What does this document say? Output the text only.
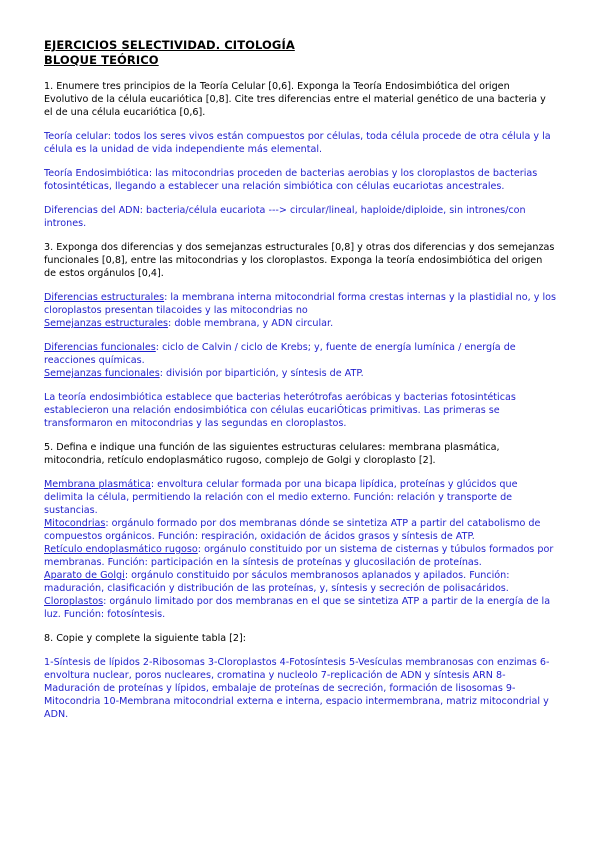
EJERCICIOS SELECTIVIDAD. CITOLOGÍA

BLOQUE TEÓRICO

1. Enumere tres principios de la Teoría Celular [0,6]. Exponga la Teoría Endosimbiótica del origen Evolutivo de la célula eucariótica [0,8]. Cite tres diferencias entre el material genético de una bacteria y el de una célula eucariótica [0,6].

Teoría celular: todos los seres vivos están compuestos por células, toda célula procede de otra célula y la célula es la unidad de vida independiente más elemental.

Teoría Endosimbiótica: las mitocondrias proceden de bacterias aerobias y los cloroplastos de bacterias fotosintéticas, llegando a establecer una relación simbiótica con células eucariotas ancestrales.

Diferencias del ADN: bacteria/célula eucariota ---> circular/lineal, haploide/diploide, sin intrones/con intrones.

3. Exponga dos diferencias y dos semejanzas estructurales [0,8] y otras dos diferencias y dos semejanzas funcionales [0,8], entre las mitocondrias y los cloroplastos. Exponga la teoría endosimbiótica del origen de estos orgánulos [0,4].

Diferencias estructurales: la membrana interna mitocondrial forma crestas internas y la plastidial no, y los cloroplastos presentan tilacoides y las mitocondrias no

Semejanzas estructurales: doble membrana, y ADN circular.

Diferencias funcionales: ciclo de Calvin / ciclo de Krebs; y, fuente de energía lumínica / energía de reacciones químicas.

Semejanzas funcionales: división por bipartición, y síntesis de ATP.

La teoría endosimbiótica establece que bacterias heterótrofas aeróbicas y bacterias fotosintéticas establecieron una relación endosimbiótica con células eucariÓticas primitivas. Las primeras se transformaron en mitocondrias y las segundas en cloroplastos.

5. Defina e indique una función de las siguientes estructuras celulares: membrana plasmática, mitocondria, retículo endoplasmático rugoso, complejo de Golgi y cloroplasto [2].

Membrana plasmática: envoltura celular formada por una bicapa lipídica, proteínas y glúcidos que delimita la célula, permitiendo la relación con el medio externo. Función: relación y transporte de sustancias.

Mitocondrias: orgánulo formado por dos membranas dónde se sintetiza ATP a partir del catabolismo de compuestos orgánicos. Función: respiración, oxidación de ácidos grasos y síntesis de ATP.

Retículo endoplasmático rugoso: orgánulo constituido por un sistema de cisternas y túbulos formados por membranas. Función: participación en la síntesis de proteínas y glucosilación de proteínas.

Aparato de Golgi: orgánulo constituido por sáculos membranosos aplanados y apilados. Función: maduración, clasificación y distribución de las proteínas, y, síntesis y secreción de polisacáridos.

Cloroplastos: orgánulo limitado por dos membranas en el que se sintetiza ATP a partir de la energía de la luz. Función: fotosíntesis.

8. Copie y complete la siguiente tabla [2]:

1-Síntesis de lípidos 2-Ribosomas 3-Cloroplastos 4-Fotosíntesis 5-Vesículas membranosas con enzimas 6-envoltura nuclear, poros nucleares, cromatina y nucleolo 7-replicación de ADN y síntesis ARN 8- Maduración de proteínas y lípidos, embalaje de proteínas de secreción, formación de lisosomas 9-Mitocondria 10-Membrana mitocondrial externa e interna, espacio intermembrana, matriz mitocondrial y ADN.
